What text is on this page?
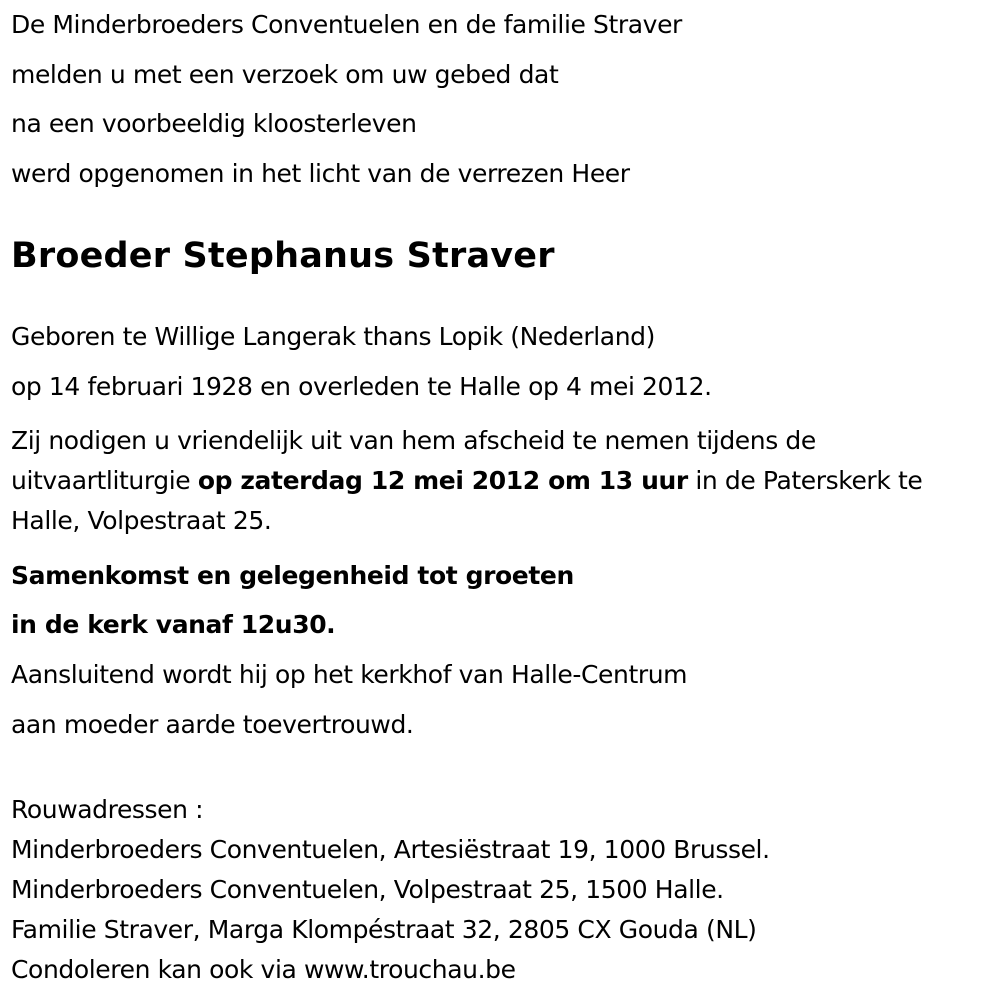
De Minderbroeders Conventuelen en de familie Straver

melden u met een verzoek om uw gebed dat

na een voorbeeldig kloosterleven

werd opgenomen in het licht van de verrezen Heer

Broeder Stephanus Straver

Geboren te Willige Langerak thans Lopik (Nederland)

op 14 februari 1928 en overleden te Halle op 4 mei 2012.

Zij nodigen u vriendelijk uit van hem afscheid te nemen tijdens de uitvaartliturgie op zaterdag 12 mei 2012 om 13 uur in de Paterskerk te Halle, Volpestraat 25.

Samenkomst en gelegenheid tot groeten

in de kerk vanaf 12u30.

Aansluitend wordt hij op het kerkhof van Halle-Centrum

aan moeder aarde toevertrouwd.

Rouwadressen :

Minderbroeders Conventuelen, Artesiëstraat 19, 1000 Brussel.

Minderbroeders Conventuelen, Volpestraat 25, 1500 Halle.

Familie Straver, Marga Klompéstraat 32, 2805 CX Gouda (NL)

Condoleren kan ook via www.trouchau.be
